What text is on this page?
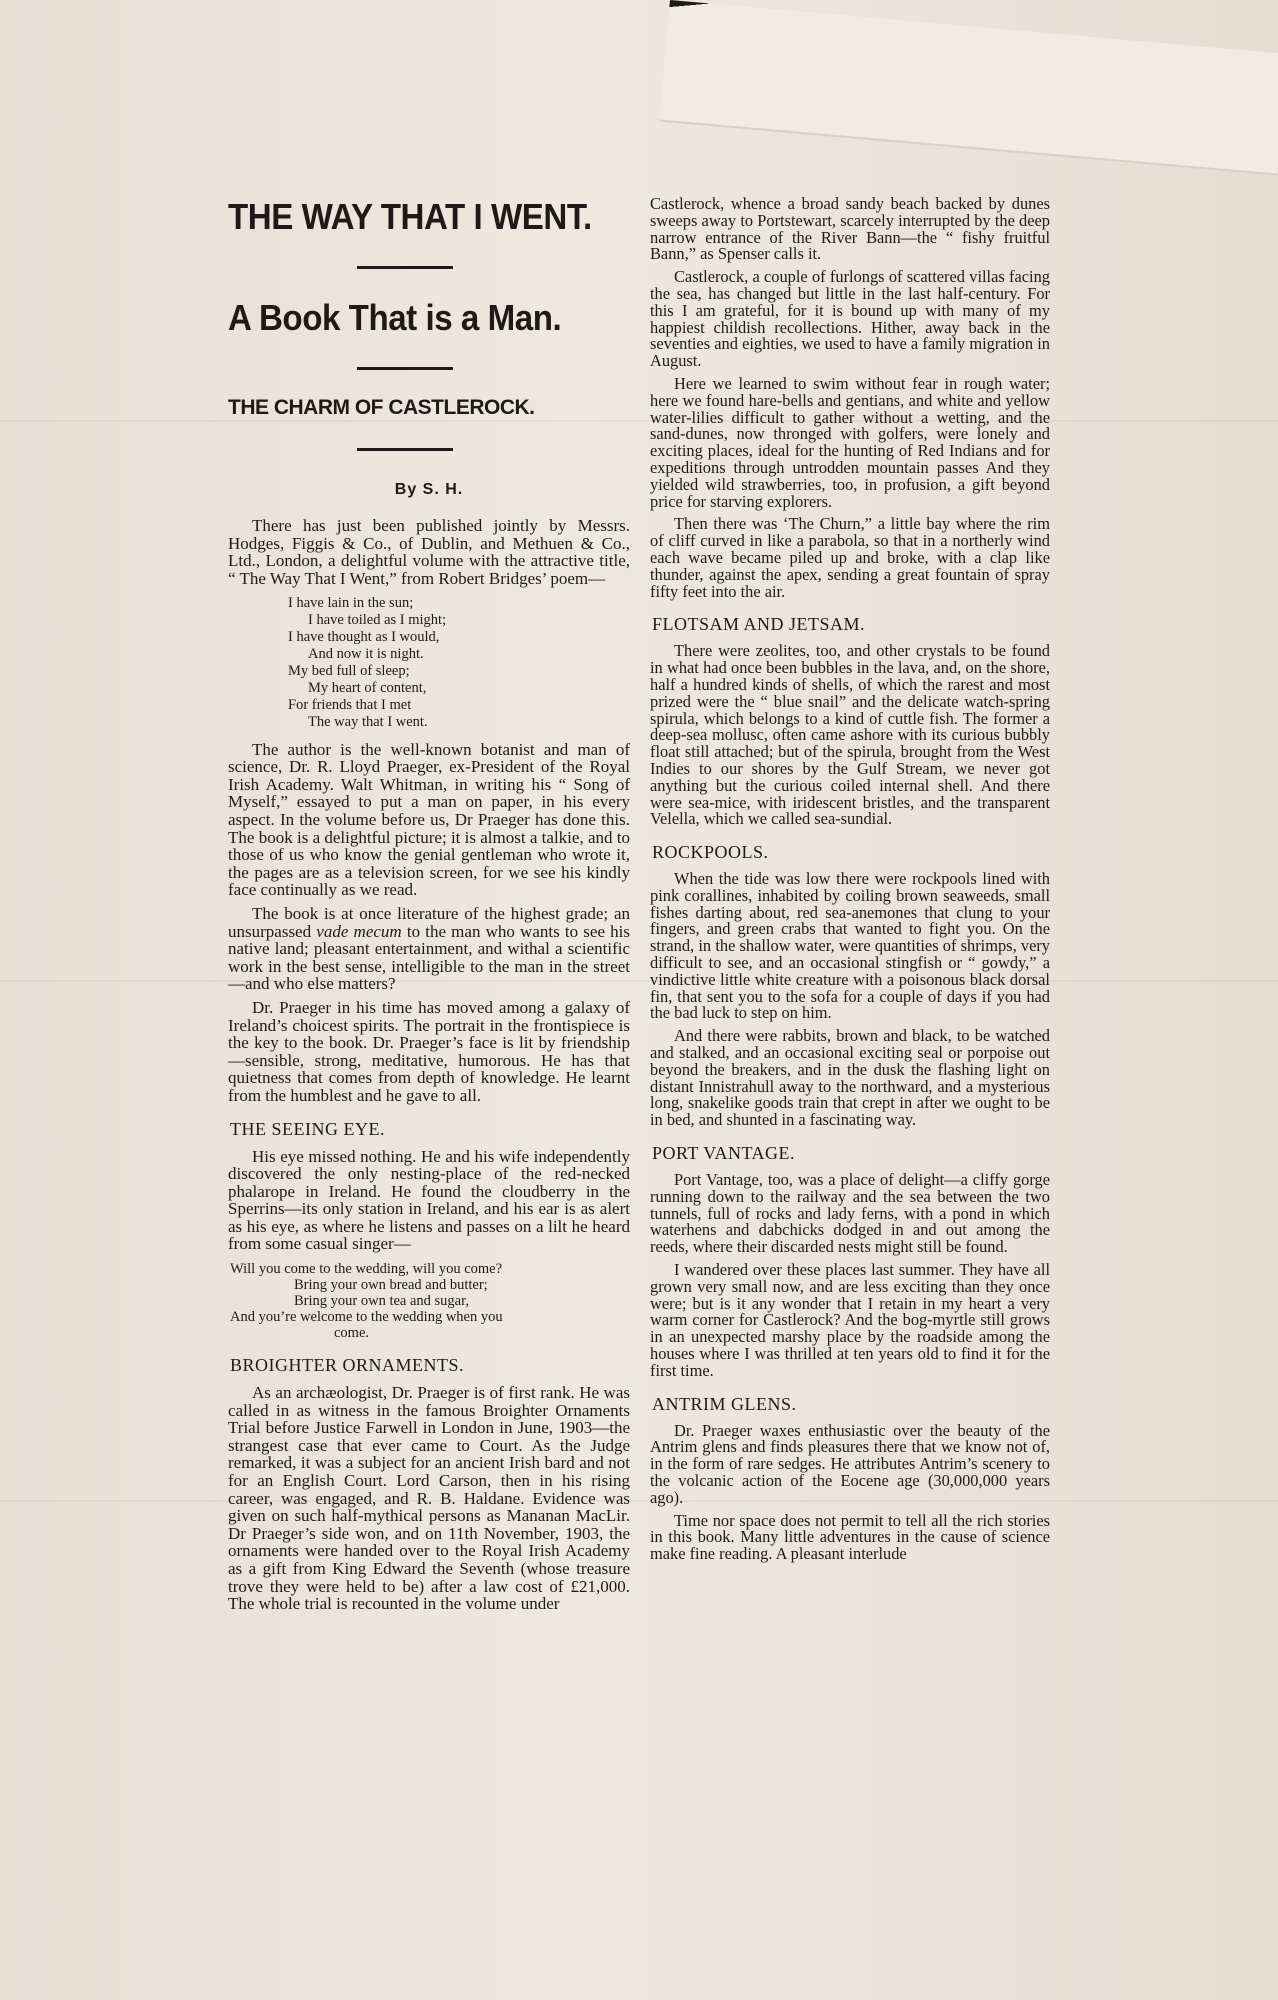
THE WAY THAT I WENT.
A Book That is a Man.
THE CHARM OF CASTLEROCK.
By S. H.

There has just been published jointly by Messrs. Hodges, Figgis & Co., of Dublin, and Methuen & Co., Ltd., London, a delightful volume with the attractive title, “ The Way That I Went,” from Robert Bridges’ poem—

I have lain in the sun;
I have toiled as I might;
I have thought as I would,
And now it is night.
My bed full of sleep;
My heart of content,
For friends that I met
The way that I went.

The author is the well-known botanist and man of science, Dr. R. Lloyd Praeger, ex-President of the Royal Irish Academy. Walt Whitman, in writing his “ Song of Myself,” essayed to put a man on paper, in his every aspect. In the volume before us, Dr Praeger has done this. The book is a delightful picture; it is almost a talkie, and to those of us who know the genial gentleman who wrote it, the pages are as a television screen, for we see his kindly face continually as we read.

The book is at once literature of the highest grade; an unsurpassed vade mecum to the man who wants to see his native land; pleasant entertainment, and withal a scientific work in the best sense, intelligible to the man in the street—and who else matters?

Dr. Praeger in his time has moved among a galaxy of Ireland’s choicest spirits. The portrait in the frontispiece is the key to the book. Dr. Praeger’s face is lit by friendship—sensible, strong, meditative, humorous. He has that quietness that comes from depth of knowledge. He learnt from the humblest and he gave to all.

THE SEEING EYE.

His eye missed nothing. He and his wife independently discovered the only nesting-place of the red-necked phalarope in Ireland. He found the cloudberry in the Sperrins—its only station in Ireland, and his ear is as alert as his eye, as where he listens and passes on a lilt he heard from some casual singer—

Will you come to the wedding, will you come?
Bring your own bread and butter;
Bring your own tea and sugar,
And you’re welcome to the wedding when you
come.
BROIGHTER ORNAMENTS.

As an archæologist, Dr. Praeger is of first rank. He was called in as witness in the famous Broighter Ornaments Trial before Justice Farwell in London in June, 1903—the strangest case that ever came to Court. As the Judge remarked, it was a subject for an ancient Irish bard and not for an English Court. Lord Carson, then in his rising career, was engaged, and R. B. Haldane. Evidence was given on such half-mythical persons as Mananan MacLir. Dr Praeger’s side won, and on 11th November, 1903, the ornaments were handed over to the Royal Irish Academy as a gift from King Edward the Seventh (whose treasure trove they were held to be) after a law cost of £21,000. The whole trial is recounted in the volume under

Castlerock, whence a broad sandy beach backed by dunes sweeps away to Portstewart, scarcely interrupted by the deep narrow entrance of the River Bann—the “ fishy fruitful Bann,” as Spenser calls it.

Castlerock, a couple of furlongs of scattered villas facing the sea, has changed but little in the last half-century. For this I am grateful, for it is bound up with many of my happiest childish recollections. Hither, away back in the seventies and eighties, we used to have a family migration in August.

Here we learned to swim without fear in rough water; here we found hare-bells and gentians, and white and yellow water-lilies difficult to gather without a wetting, and the sand-dunes, now thronged with golfers, were lonely and exciting places, ideal for the hunting of Red Indians and for expeditions through untrodden mountain passes And they yielded wild strawberries, too, in profusion, a gift beyond price for starving explorers.

Then there was ‘The Churn,” a little bay where the rim of cliff curved in like a parabola, so that in a northerly wind each wave became piled up and broke, with a clap like thunder, against the apex, sending a great fountain of spray fifty feet into the air.

FLOTSAM AND JETSAM.

There were zeolites, too, and other crystals to be found in what had once been bubbles in the lava, and, on the shore, half a hundred kinds of shells, of which the rarest and most prized were the “ blue snail” and the delicate watch-spring spirula, which belongs to a kind of cuttle fish. The former a deep-sea mollusc, often came ashore with its curious bubbly float still attached; but of the spirula, brought from the West Indies to our shores by the Gulf Stream, we never got anything but the curious coiled internal shell. And there were sea-mice, with iridescent bristles, and the transparent Velella, which we called sea-sundial.

ROCKPOOLS.

When the tide was low there were rockpools lined with pink corallines, inhabited by coiling brown seaweeds, small fishes darting about, red sea-anemones that clung to your fingers, and green crabs that wanted to fight you. On the strand, in the shallow water, were quantities of shrimps, very difficult to see, and an occasional stingfish or “ gowdy,” a vindictive little white creature with a poisonous black dorsal fin, that sent you to the sofa for a couple of days if you had the bad luck to step on him.

And there were rabbits, brown and black, to be watched and stalked, and an occasional exciting seal or porpoise out beyond the breakers, and in the dusk the flashing light on distant Innistrahull away to the northward, and a mysterious long, snakelike goods train that crept in after we ought to be in bed, and shunted in a fascinating way.

PORT VANTAGE.

Port Vantage, too, was a place of delight—a cliffy gorge running down to the railway and the sea between the two tunnels, full of rocks and lady ferns, with a pond in which waterhens and dabchicks dodged in and out among the reeds, where their discarded nests might still be found.

I wandered over these places last summer. They have all grown very small now, and are less exciting than they once were; but is it any wonder that I retain in my heart a very warm corner for Castlerock? And the bog-myrtle still grows in an unexpected marshy place by the roadside among the houses where I was thrilled at ten years old to find it for the first time.

ANTRIM GLENS.

Dr. Praeger waxes enthusiastic over the beauty of the Antrim glens and finds pleasures there that we know not of, in the form of rare sedges. He attributes Antrim’s scenery to the volcanic action of the Eocene age (30,000,000 years ago).

Time nor space does not permit to tell all the rich stories in this book. Many little adventures in the cause of science make fine reading. A pleasant interlude
